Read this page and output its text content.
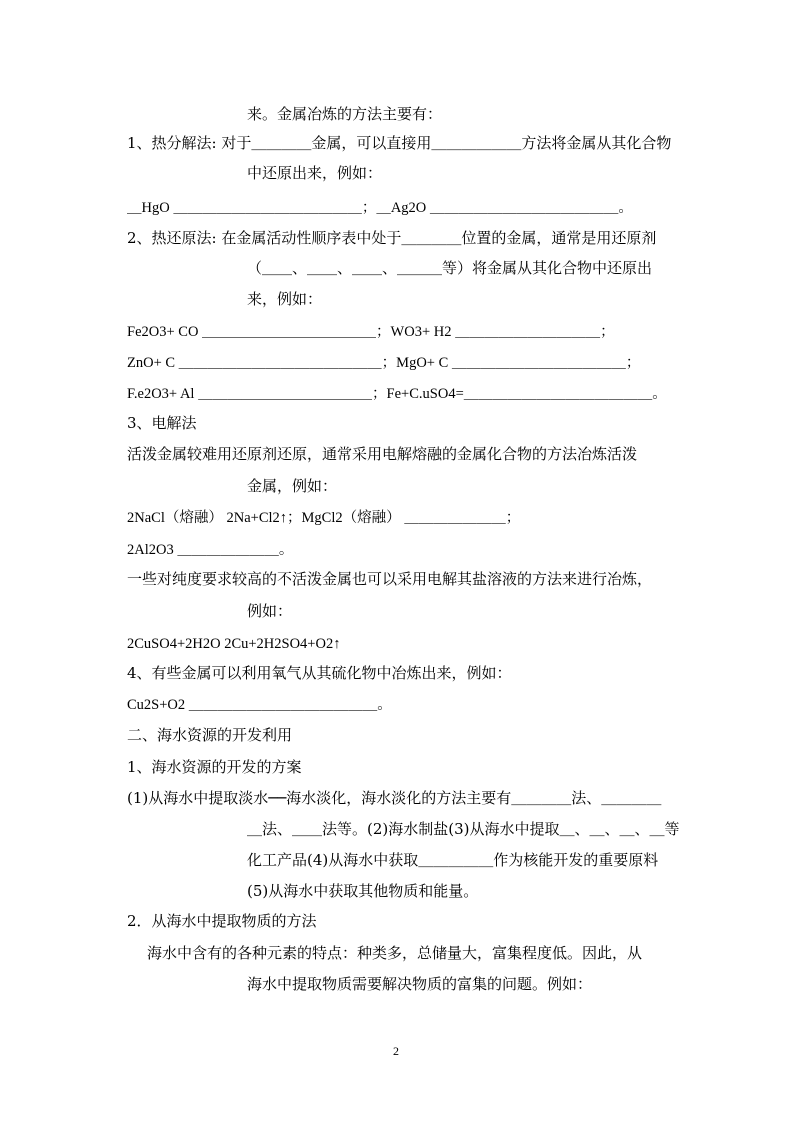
来。金属冶炼的方法主要有：
1、热分解法: 对于＿＿＿＿金属，可以直接用＿＿＿＿＿＿方法将金属从其化合物
中还原出来，例如：
＿HgO ＿＿＿＿＿＿＿＿＿＿＿＿＿；＿Ag2O ＿＿＿＿＿＿＿＿＿＿＿＿＿。
2、热还原法: 在金属活动性顺序表中处于＿＿＿＿位置的金属，通常是用还原剂
（＿＿、＿＿、＿＿、＿＿＿等）将金属从其化合物中还原出
来，例如：
Fe2O3+ CO ＿＿＿＿＿＿＿＿＿＿＿＿；WO3+ H2 ＿＿＿＿＿＿＿＿＿＿；
ZnO+ C ＿＿＿＿＿＿＿＿＿＿＿＿＿＿；MgO+ C ＿＿＿＿＿＿＿＿＿＿＿＿；
F.e2O3+ Al ＿＿＿＿＿＿＿＿＿＿＿＿；Fe+C.uSO4=＿＿＿＿＿＿＿＿＿＿＿＿＿。
3、电解法
活泼金属较难用还原剂还原，通常采用电解熔融的金属化合物的方法冶炼活泼
金属，例如：
2NaCl（熔融） 2Na+Cl2↑；MgCl2（熔融） ＿＿＿＿＿＿＿；
2Al2O3 ＿＿＿＿＿＿＿。
一些对纯度要求较高的不活泼金属也可以采用电解其盐溶液的方法来进行冶炼，
例如：
2CuSO4+2H2O 2Cu+2H2SO4+O2↑
4、有些金属可以利用氧气从其硫化物中冶炼出来，例如：
Cu2S+O2 ＿＿＿＿＿＿＿＿＿＿＿＿＿。
二、海水资源的开发利用
1、海水资源的开发的方案
(1)从海水中提取淡水──海水淡化，海水淡化的方法主要有＿＿＿＿法、＿＿＿＿
＿法、＿＿法等。(2)海水制盐(3)从海水中提取＿、＿、＿、＿等
化工产品(4)从海水中获取＿＿＿＿＿作为核能开发的重要原料
(5)从海水中获取其他物质和能量。
2．从海水中提取物质的方法
海水中含有的各种元素的特点：种类多，总储量大，富集程度低。因此，从
海水中提取物质需要解决物质的富集的问题。例如：
2
